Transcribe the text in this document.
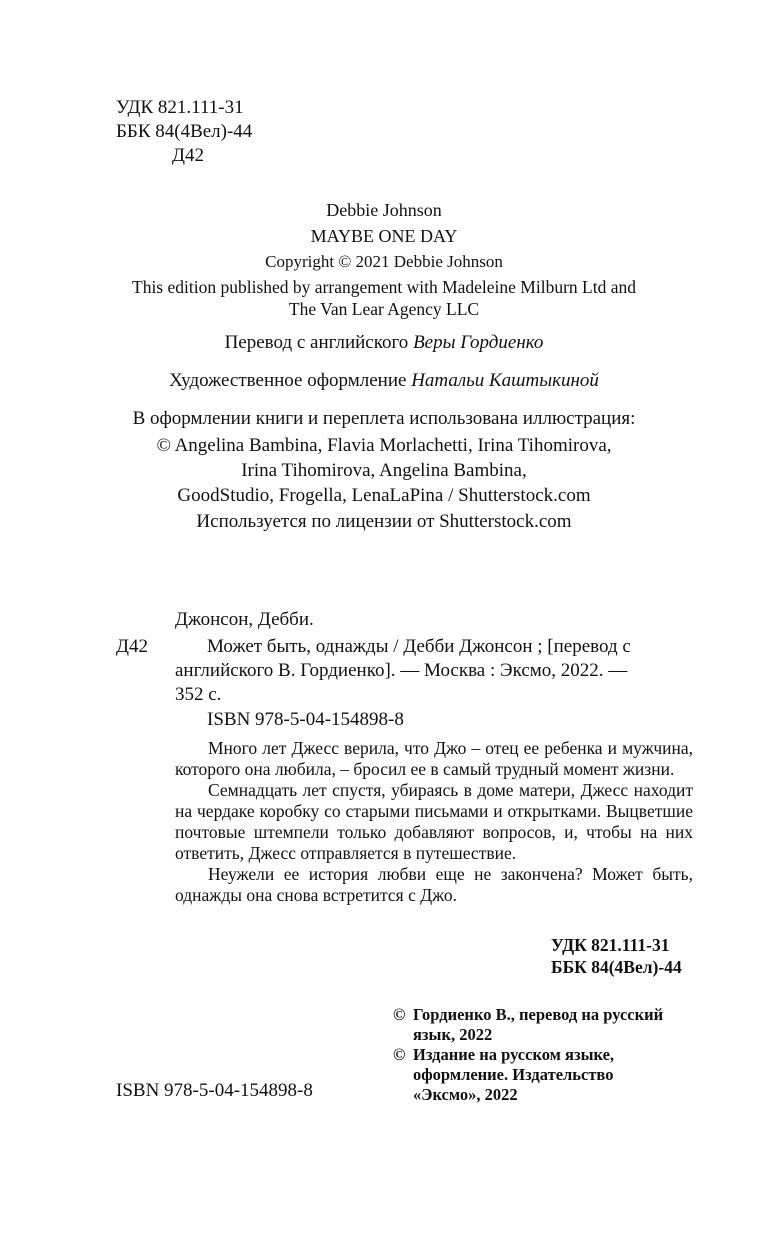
УДК 821.111-31
ББК 84(4Вел)-44
Д42
Debbie Johnson
MAYBE ONE DAY
Copyright © 2021 Debbie Johnson
This edition published by arrangement with Madeleine Milburn Ltd and
The Van Lear Agency LLC
Перевод с английского Веры Гордиенко
Художественное оформление Натальи Каштыкиной
В оформлении книги и переплета использована иллюстрация:
© Angelina Bambina, Flavia Morlachetti, Irina Tihomirova,
Irina Tihomirova, Angelina Bambina,
GoodStudio, Frogella, LenaLaPina / Shutterstock.com
Используется по лицензии от Shutterstock.com
Джонсон, Дебби.
Д42	Может быть, однажды / Дебби Джонсон ; [перевод с
английского В. Гордиенко]. — Москва : Эксмо, 2022. —
352 с.
ISBN 978-5-04-154898-8

Много лет Джесс верила, что Джо – отец ее ребенка и мужчина, которого она любила, – бросил ее в самый трудный момент жизни.

Семнадцать лет спустя, убираясь в доме матери, Джесс находит на чердаке коробку со старыми письмами и открытками. Выцветшие почтовые штемпели только добавляют вопросов, и, чтобы на них ответить, Джесс отправляется в путешествие.

Неужели ее история любви еще не закончена? Может быть, однажды она снова встретится с Джо.

УДК 821.111-31
ББК 84(4Вел)-44
© Гордиенко В., перевод на русский
язык, 2022
© Издание на русском языке,
оформление. Издательство
«Эксмо», 2022
ISBN 978-5-04-154898-8
